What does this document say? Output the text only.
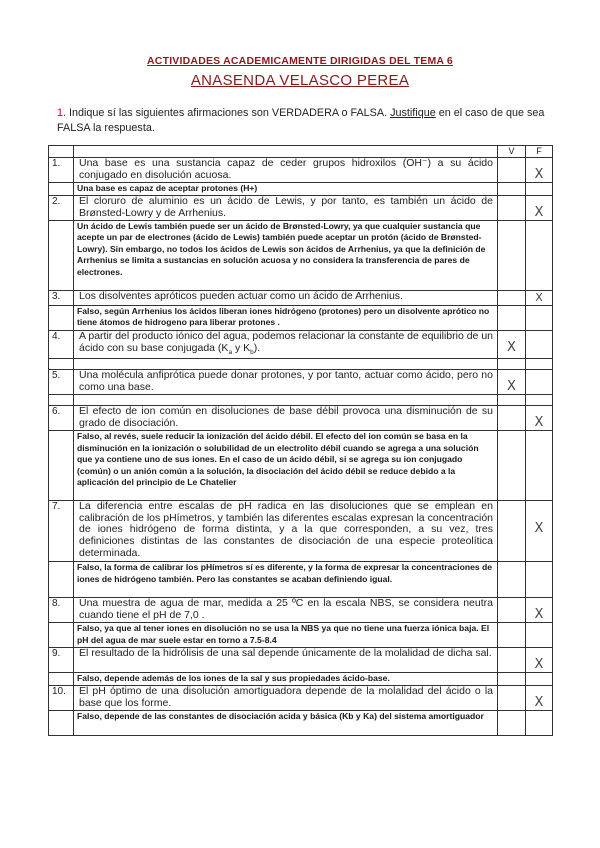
ACTIVIDADES ACADEMICAMENTE DIRIGIDAS DEL TEMA 6
ANASENDA VELASCO PEREA
1. Indique sí las siguientes afirmaciones son VERDADERA o FALSA. Justifique en el caso de que sea FALSA la respuesta.
		V	F
1.	Una base es una sustancia capaz de ceder grupos hidroxilos (OH⁻) a su ácido conjugado en disolución acuosa.		X

	Una base es capaz de aceptar protones (H+)		
2.	El cloruro de aluminio es un ácido de Lewis, y por tanto, es también un ácido de Brønsted-Lowry y de Arrhenius.		X

	Un ácido de Lewis también puede ser un ácido de Brønsted-Lowry, ya que cualquier sustancia que acepte un par de electrones (ácido de Lewis) también puede aceptar un protón (ácido de Brønsted-Lowry). Sin embargo, no todos los ácidos de Lewis son ácidos de Arrhenius, ya que la definición de Arrhenius se limita a sustancias en solución acuosa y no considera la transferencia de pares de electrones.		
3.	Los disolventes apróticos pueden actuar como un ácido de Arrhenius.		X

	Falso, según Arrhenius los ácidos liberan iones hidrógeno (protones) pero un disolvente aprótico no tiene átomos de hidrogeno para liberar protones .		
4.	A partir del producto iónico del agua, podemos relacionar la constante de equilibrio de un ácido con su base conjugada ($K_a$ y $K_b$).	X	

5.	Una molécula anfiprótica puede donar protones, y por tanto, actuar como ácido, pero no como una base.	X	

6.	El efecto de ion común en disoluciones de base débil provoca una disminución de su grado de disociación.		X

	Falso, al revés, suele reducir la ionización del ácido débil. El efecto del ion común se basa en la disminución en la ionización o solubilidad de un electrolito débil cuando se agrega a una solución que ya contiene uno de sus iones. En el caso de un ácido débil, si se agrega su ion conjugado (común) o un anión común a la solución, la disociación del ácido débil se reduce debido a la aplicación del principio de Le Chatelier		
7.	La diferencia entre escalas de pH radica en las disoluciones que se emplean en calibración de los pHímetros, y también las diferentes escalas expresan la concentración de iones hidrógeno de forma distinta, y a la que corresponden, a su vez, tres definiciones distintas de las constantes de disociación de una especie proteolítica determinada.		X

	Falso, la forma de calibrar los pHímetros sí es diferente, y la forma de expresar la concentraciones de iones de hidrógeno también. Pero las constantes se acaban definiendo igual.		
8.	Una muestra de agua de mar, medida a 25 ºC en la escala NBS, se considera neutra cuando tiene el pH de 7,0 .		X

	Falso, ya que al tener iones en disolución no se usa la NBS ya que no tiene una fuerza iónica baja. El pH del agua de mar suele estar en torno a 7.5-8.4		
9.	El resultado de la hidrólisis de una sal depende únicamente de la molalidad de dicha sal.		X

	Falso, depende además de los iones de la sal y sus propiedades ácido-base.		
10.	El pH óptimo de una disolución amortiguadora depende de la molalidad del ácido o la base que los forme.		X

	Falso, depende de las constantes de disociación acida y básica (Kb y Ka) del sistema amortiguador		
